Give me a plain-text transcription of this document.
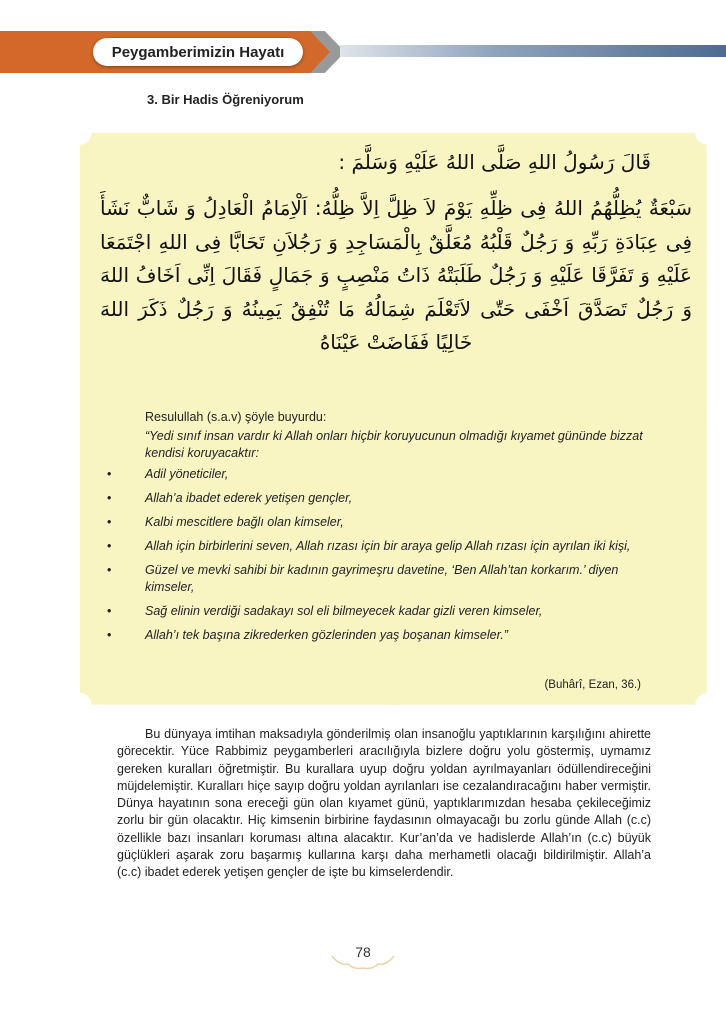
Peygamberimizin Hayatı
3. Bir Hadis Öğreniyorum
قَالَ رَسُولُ اللهِ صَلَّى اللهُ عَلَيْهِ وَسَلَّمَ :
سَبْعَةٌ يُظِلُّهُمُ اللهُ فِى ظِلِّهِ يَوْمَ لاَ ظِلَّ اِلاَّ ظِلُّهُ: اَلْاِمَامُ الْعَادِلُ وَ شَابٌّ نَشَأَ فِى عِبَادَةِ رَبِّهِ وَ رَجُلٌ قَلْبُهُ مُعَلَّقٌ بِالْمَسَاجِدِ وَ رَجُلاَنِ تَحَابَّا فِى اللهِ اجْتَمَعَا عَلَيْهِ وَ تَفَرَّقَا عَلَيْهِ وَ رَجُلٌ طَلَبَتْهُ ذَاتُ مَنْصِبٍ وَ جَمَالٍ فَقَالَ اِنِّى اَخَافُ اللهَ وَ رَجُلٌ تَصَدَّقَ اَخْفَى حَتّٰى لاَتَعْلَمَ شِمَالُهُ مَا تُنْفِقُ يَمِينُهُ وَ رَجُلٌ ذَكَرَ اللهَ خَالِيًا فَفَاضَتْ عَيْنَاهُ
Resulullah (s.a.v) şöyle buyurdu:
“Yedi sınıf insan vardır ki Allah onları hiçbir koruyucunun olmadığı kıyamet gününde bizzat kendisi koruyacaktır:
•	Adil yöneticiler,
•	Allah’a ibadet ederek yetişen gençler,
•	Kalbi mescitlere bağlı olan kimseler,
•	Allah için birbirlerini seven, Allah rızası için bir araya gelip Allah rızası için ayrılan iki kişi,
•	Güzel ve mevki sahibi bir kadının gayrimeşru davetine, ‘Ben Allah’tan korkarım.’ diyen kimseler,
•	Sağ elinin verdiği sadakayı sol eli bilmeyecek kadar gizli veren kimseler,
•	Allah’ı tek başına zikrederken gözlerinden yaş boşanan kimseler.”
(Buhârî, Ezan, 36.)
Bu dünyaya imtihan maksadıyla gönderilmiş olan insanoğlu yaptıklarının karşılığını ahirette görecektir. Yüce Rabbimiz peygamberleri aracılığıyla bizlere doğru yolu göstermiş, uymamız gereken kuralları öğretmiştir. Bu kurallara uyup doğru yoldan ayrılmayanları ödüllendireceğini müjdelemiştir. Kuralları hiçe sayıp doğru yoldan ayrılanları ise cezalandıracağını haber vermiştir. Dünya hayatının sona ereceği gün olan kıyamet günü, yaptıklarımızdan hesaba çekileceğimiz zorlu bir gün olacaktır. Hiç kimsenin birbirine faydasının olmayacağı bu zorlu günde Allah (c.c) özellikle bazı insanları koruması altına alacaktır. Kur’an’da ve hadislerde Allah’ın (c.c) büyük güçlükleri aşarak zoru başarmış kullarına karşı daha merhametli olacağı bildirilmiştir. Allah’a (c.c) ibadet ederek yetişen gençler de işte bu kimselerdendir.
78
